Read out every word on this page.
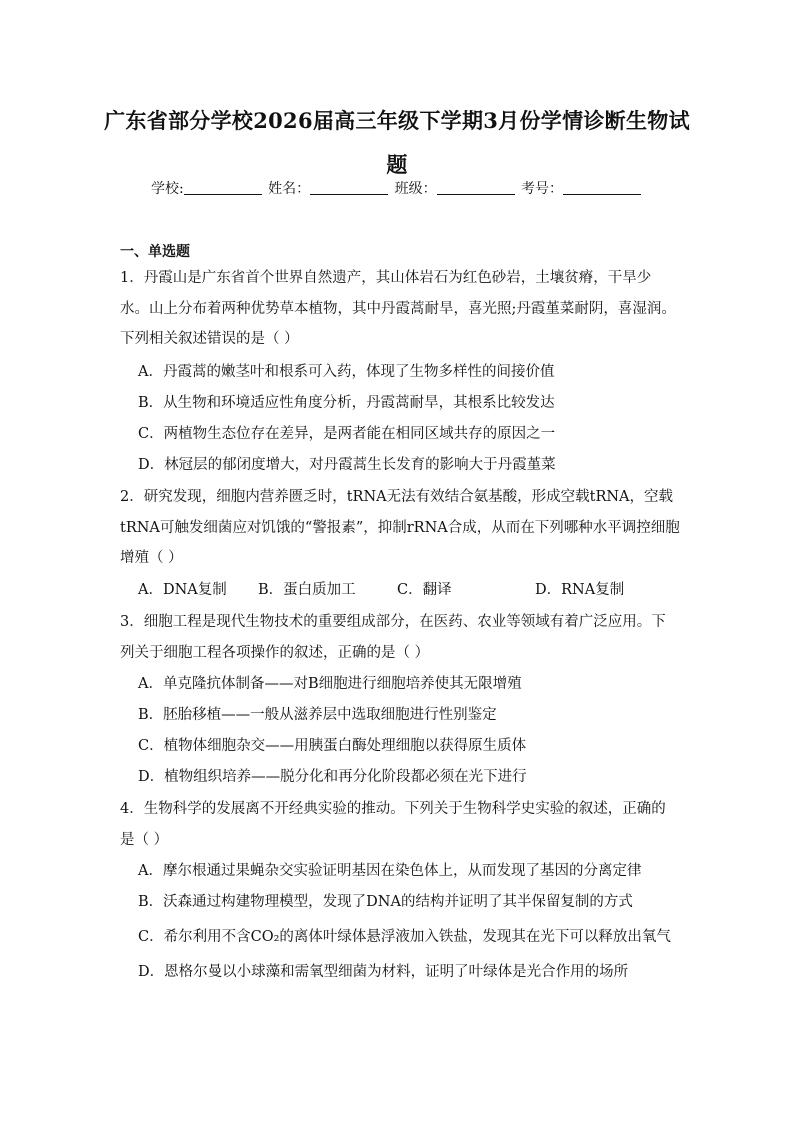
广东省部分学校2026届高三年级下学期3月份学情诊断生物试题
学校:	姓名：	班级：	考号：
一、单选题
1．丹霞山是广东省首个世界自然遗产，其山体岩石为红色砂岩，土壤贫瘠，干旱少水。山上分布着两种优势草本植物，其中丹霞蒿耐旱，喜光照;丹霞堇菜耐阴，喜湿润。下列相关叙述错误的是（ ）
A．丹霞蒿的嫩茎叶和根系可入药，体现了生物多样性的间接价值
B．从生物和环境适应性角度分析，丹霞蒿耐旱，其根系比较发达
C．两植物生态位存在差异，是两者能在相同区域共存的原因之一
D．林冠层的郁闭度增大，对丹霞蒿生长发育的影响大于丹霞堇菜
2．研究发现，细胞内营养匮乏时，tRNA无法有效结合氨基酸，形成空载tRNA，空载tRNA可触发细菌应对饥饿的“警报素”，抑制rRNA合成，从而在下列哪种水平调控细胞增殖（ ）
A．DNA复制 B．蛋白质加工	C．翻译	D．RNA复制
3．细胞工程是现代生物技术的重要组成部分，在医药、农业等领域有着广泛应用。下列关于细胞工程各项操作的叙述，正确的是（ ）
A．单克隆抗体制备——对B细胞进行细胞培养使其无限增殖
B．胚胎移植——一般从滋养层中选取细胞进行性别鉴定
C．植物体细胞杂交——用胰蛋白酶处理细胞以获得原生质体
D．植物组织培养——脱分化和再分化阶段都必须在光下进行
4．生物科学的发展离不开经典实验的推动。下列关于生物科学史实验的叙述，正确的是（ ）
A．摩尔根通过果蝇杂交实验证明基因在染色体上，从而发现了基因的分离定律
B．沃森通过构建物理模型，发现了DNA的结构并证明了其半保留复制的方式
C．希尔利用不含CO₂的离体叶绿体悬浮液加入铁盐，发现其在光下可以释放出氧气
D．恩格尔曼以小球藻和需氧型细菌为材料，证明了叶绿体是光合作用的场所
